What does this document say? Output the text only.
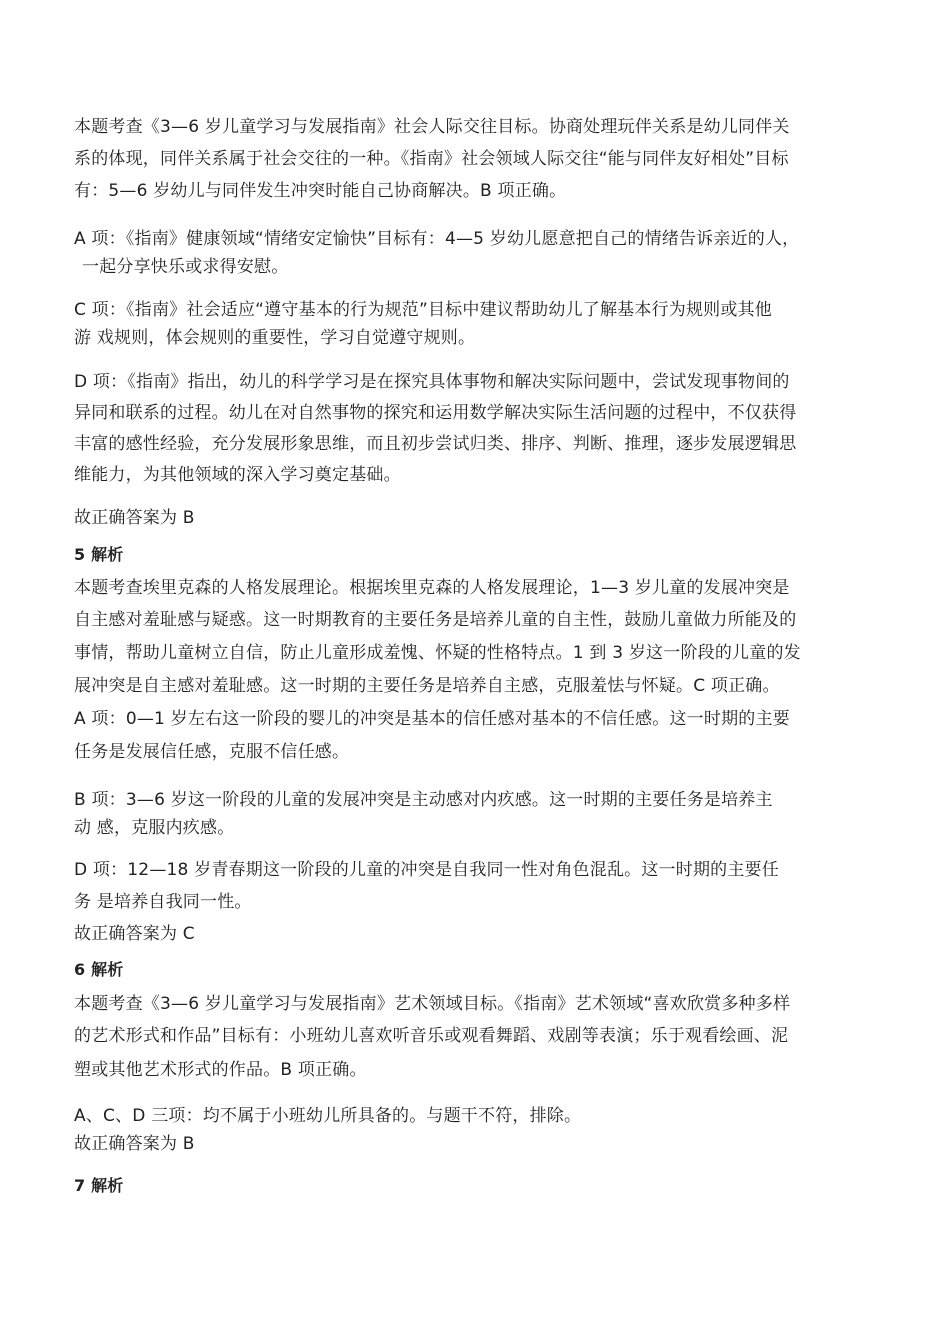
本题考查《3—6 岁儿童学习与发展指南》社会人际交往目标。协商处理玩伴关系是幼儿同伴关
系的体现，同伴关系属于社会交往的一种。《指南》社会领域人际交往“能与同伴友好相处”目标
有：5—6 岁幼儿与同伴发生冲突时能自己协商解决。B 项正确。
A 项：《指南》健康领域“情绪安定愉快”目标有：4—5 岁幼儿愿意把自己的情绪告诉亲近的人，
一起分享快乐或求得安慰。
C 项：《指南》社会适应“遵守基本的行为规范”目标中建议帮助幼儿了解基本行为规则或其他
游 戏规则，体会规则的重要性，学习自觉遵守规则。
D 项：《指南》指出，幼儿的科学学习是在探究具体事物和解决实际问题中，尝试发现事物间的
异同和联系的过程。幼儿在对自然事物的探究和运用数学解决实际生活问题的过程中，不仅获得
丰富的感性经验，充分发展形象思维，而且初步尝试归类、排序、判断、推理，逐步发展逻辑思
维能力，为其他领域的深入学习奠定基础。
故正确答案为 B
5 解析
本题考查埃里克森的人格发展理论。根据埃里克森的人格发展理论，1—3 岁儿童的发展冲突是
自主感对羞耻感与疑惑。这一时期教育的主要任务是培养儿童的自主性，鼓励儿童做力所能及的
事情，帮助儿童树立自信，防止儿童形成羞愧、怀疑的性格特点。1 到 3 岁这一阶段的儿童的发
展冲突是自主感对羞耻感。这一时期的主要任务是培养自主感，克服羞怯与怀疑。C 项正确。
A 项：0—1 岁左右这一阶段的婴儿的冲突是基本的信任感对基本的不信任感。这一时期的主要
任务是发展信任感，克服不信任感。
B 项：3—6 岁这一阶段的儿童的发展冲突是主动感对内疚感。这一时期的主要任务是培养主
动 感，克服内疚感。
D 项：12—18 岁青春期这一阶段的儿童的冲突是自我同一性对角色混乱。这一时期的主要任
务 是培养自我同一性。
故正确答案为 C
6 解析
本题考查《3—6 岁儿童学习与发展指南》艺术领域目标。《指南》艺术领域“喜欢欣赏多种多样
的艺术形式和作品”目标有：小班幼儿喜欢听音乐或观看舞蹈、戏剧等表演；乐于观看绘画、泥
塑或其他艺术形式的作品。B 项正确。
A、C、D 三项：均不属于小班幼儿所具备的。与题干不符，排除。
故正确答案为 B
7 解析
